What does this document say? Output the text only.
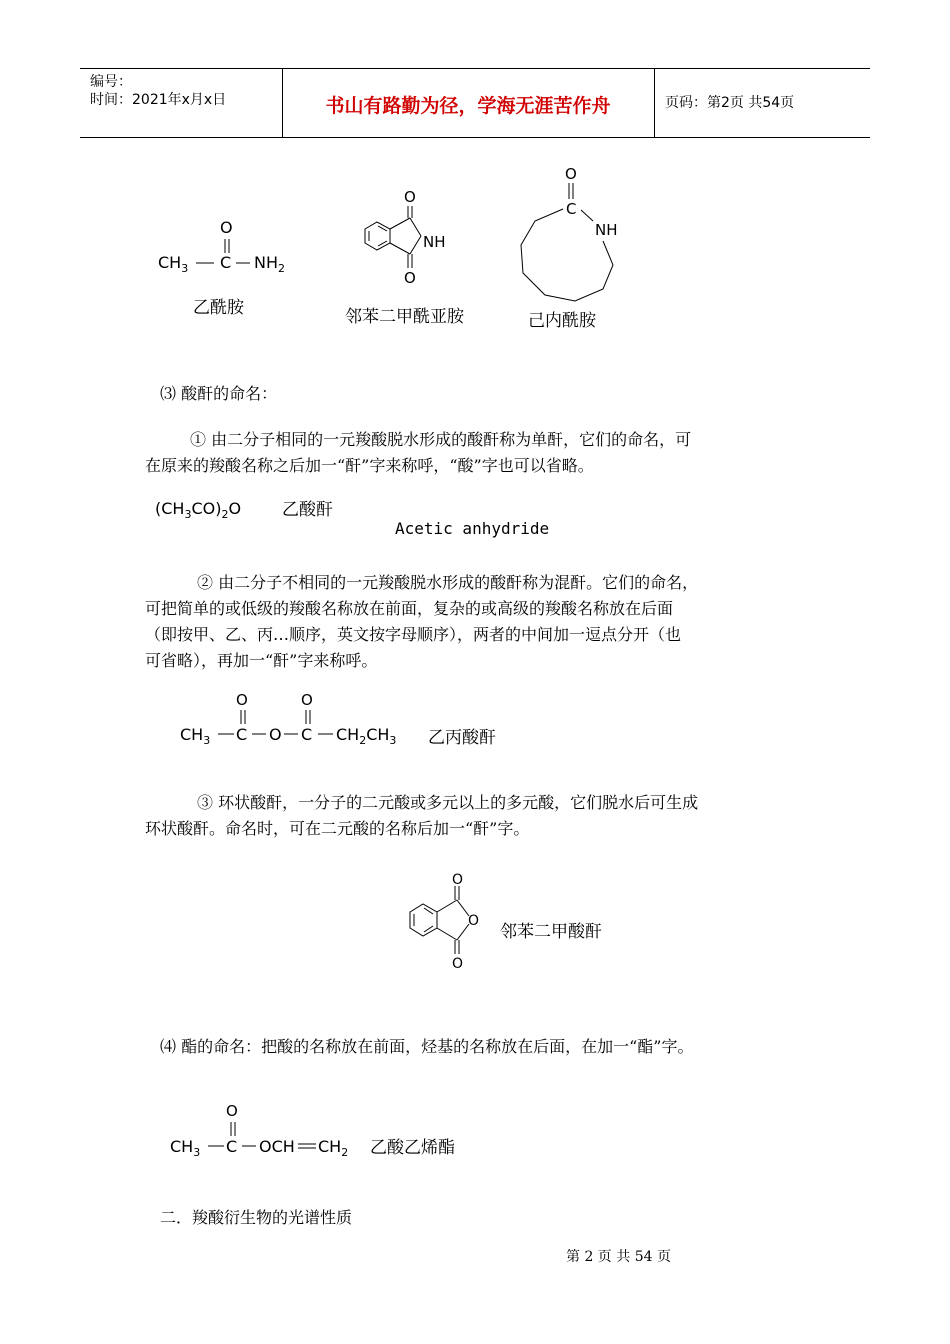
编号：
时间：2021年x月x日	书山有路勤为径，学海无涯苦作舟	页码：第2页 共54页
$CH_3$ C
O
$NH_2$
乙酰胺
O
O
NH
邻苯二甲酰亚胺
O
C
NH
己内酰胺
⑶ 酸酐的命名：
① 由二分子相同的一元羧酸脱水形成的酸酐称为单酐，它们的命名，可
在原来的羧酸名称之后加一“酐”字来称呼，“酸”字也可以省略。
$(CH_3CO)_2O$ 乙酸酐
Acetic anhydride
② 由二分子不相同的一元羧酸脱水形成的酸酐称为混酐。它们的命名，
可把简单的或低级的羧酸名称放在前面，复杂的或高级的羧酸名称放在后面
（即按甲、乙、丙…顺序，英文按字母顺序），两者的中间加一逗点分开（也
可省略），再加一“酐”字来称呼。
$CH_3$ C
O
O C
O
$CH_2CH_3$ 乙丙酸酐
③ 环状酸酐，一分子的二元酸或多元以上的多元酸，它们脱水后可生成
环状酸酐。命名时，可在二元酸的名称后加一“酐”字。
O
O
O
邻苯二甲酸酐
⑷ 酯的命名：把酸的名称放在前面，烃基的名称放在后面，在加一“酯”字。
$CH_3$ C
O
OCH $CH_2$ 乙酸乙烯酯
二．羧酸衍生物的光谱性质
第 2 页 共 54 页
